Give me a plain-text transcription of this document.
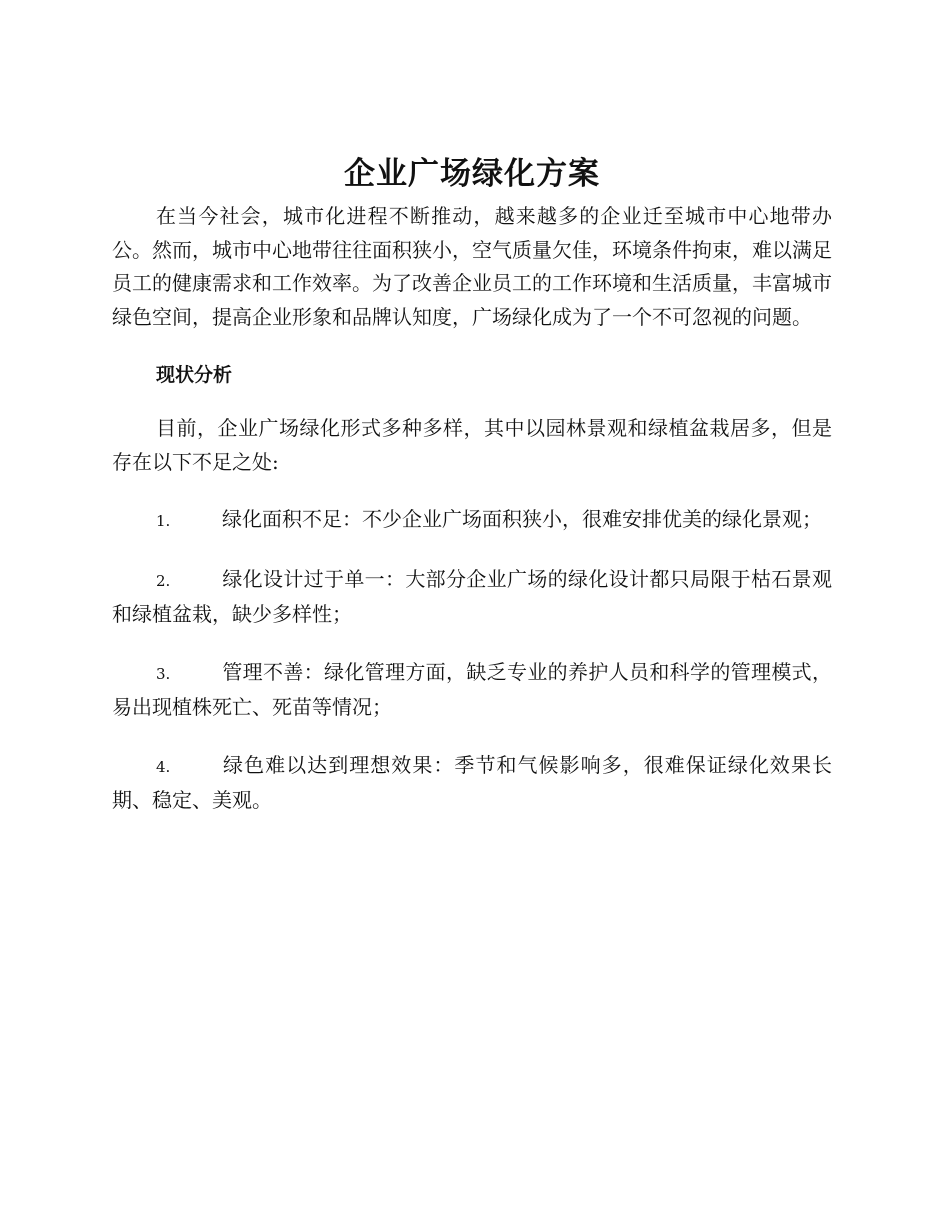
企业广场绿化方案

在当今社会，城市化进程不断推动，越来越多的企业迁至城市中心地带办公。然而，城市中心地带往往面积狭小，空气质量欠佳，环境条件拘束，难以满足员工的健康需求和工作效率。为了改善企业员工的工作环境和生活质量，丰富城市绿色空间，提高企业形象和品牌认知度，广场绿化成为了一个不可忽视的问题。

现状分析

目前，企业广场绿化形式多种多样，其中以园林景观和绿植盆栽居多，但是存在以下不足之处:

1.	绿化面积不足：不少企业广场面积狭小，很难安排优美的绿化景观；
2.	绿化设计过于单一：大部分企业广场的绿化设计都只局限于枯石景观和绿植盆栽，缺少多样性；
3.	管理不善：绿化管理方面，缺乏专业的养护人员和科学的管理模式，易出现植株死亡、死苗等情况；
4.	绿色难以达到理想效果：季节和气候影响多，很难保证绿化效果长期、稳定、美观。
